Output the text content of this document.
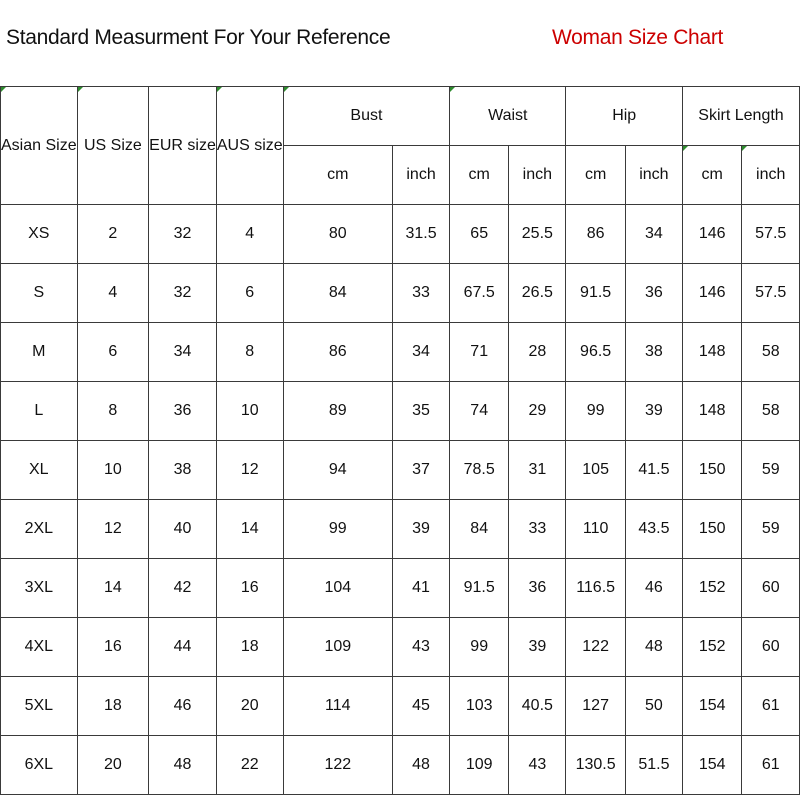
Standard Measurment For Your Reference	Woman Size Chart
Asian Size	US Size	EUR size	AUS size	Bust		Waist		Hip		Skirt Length	
				cm	inch	cm	inch	cm	inch	cm	inch
XS	2	32	4	80	31.5	65	25.5	86	34	146	57.5
S	4	32	6	84	33	67.5	26.5	91.5	36	146	57.5
M	6	34	8	86	34	71	28	96.5	38	148	58
L	8	36	10	89	35	74	29	99	39	148	58
XL	10	38	12	94	37	78.5	31	105	41.5	150	59
2XL	12	40	14	99	39	84	33	110	43.5	150	59
3XL	14	42	16	104	41	91.5	36	116.5	46	152	60
4XL	16	44	18	109	43	99	39	122	48	152	60
5XL	18	46	20	114	45	103	40.5	127	50	154	61
6XL	20	48	22	122	48	109	43	130.5	51.5	154	61
